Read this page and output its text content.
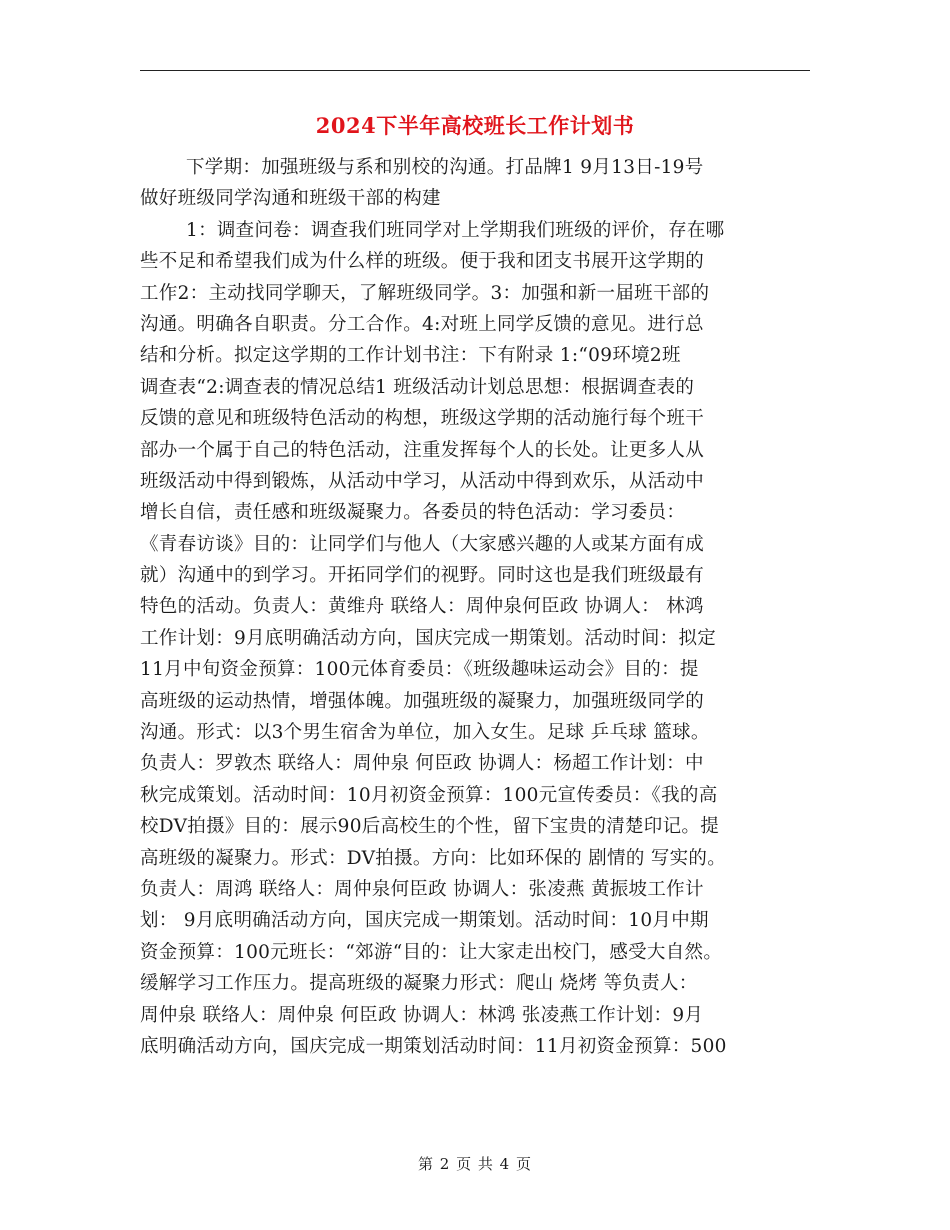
2024下半年高校班长工作计划书
下学期：加强班级与系和别校的沟通。打品牌1 9月13日-19号
做好班级同学沟通和班级干部的构建
1：调查问卷：调查我们班同学对上学期我们班级的评价，存在哪
些不足和希望我们成为什么样的班级。便于我和团支书展开这学期的
工作2：主动找同学聊天，了解班级同学。3：加强和新一届班干部的
沟通。明确各自职责。分工合作。4:对班上同学反馈的意见。进行总
结和分析。拟定这学期的工作计划书注：下有附录 1:“09环境2班
调查表“2:调查表的情况总结1 班级活动计划总思想：根据调查表的
反馈的意见和班级特色活动的构想，班级这学期的活动施行每个班干
部办一个属于自己的特色活动，注重发挥每个人的长处。让更多人从
班级活动中得到锻炼，从活动中学习，从活动中得到欢乐，从活动中
增长自信，责任感和班级凝聚力。各委员的特色活动：学习委员：
《青春访谈》目的：让同学们与他人（大家感兴趣的人或某方面有成
就）沟通中的到学习。开拓同学们的视野。同时这也是我们班级最有
特色的活动。负责人：黄维舟 联络人：周仲泉何臣政 协调人： 林鸿
工作计划：9月底明确活动方向，国庆完成一期策划。活动时间：拟定
11月中旬资金预算：100元体育委员：《班级趣味运动会》目的：提
高班级的运动热情，增强体魄。加强班级的凝聚力，加强班级同学的
沟通。形式：以3个男生宿舍为单位，加入女生。足球 乒乓球 篮球。
负责人：罗敦杰 联络人：周仲泉 何臣政 协调人：杨超工作计划：中
秋完成策划。活动时间：10月初资金预算：100元宣传委员：《我的高
校DV拍摄》目的：展示90后高校生的个性，留下宝贵的清楚印记。提
高班级的凝聚力。形式：DV拍摄。方向：比如环保的 剧情的 写实的。
负责人：周鸿 联络人：周仲泉何臣政 协调人：张凌燕 黄振坡工作计
划： 9月底明确活动方向，国庆完成一期策划。活动时间：10月中期
资金预算：100元班长：“郊游“目的：让大家走出校门，感受大自然。
缓解学习工作压力。提高班级的凝聚力形式：爬山 烧烤 等负责人：
周仲泉 联络人：周仲泉 何臣政 协调人：林鸿 张凌燕工作计划：9月
底明确活动方向，国庆完成一期策划活动时间：11月初资金预算：500
第 2 页 共 4 页
